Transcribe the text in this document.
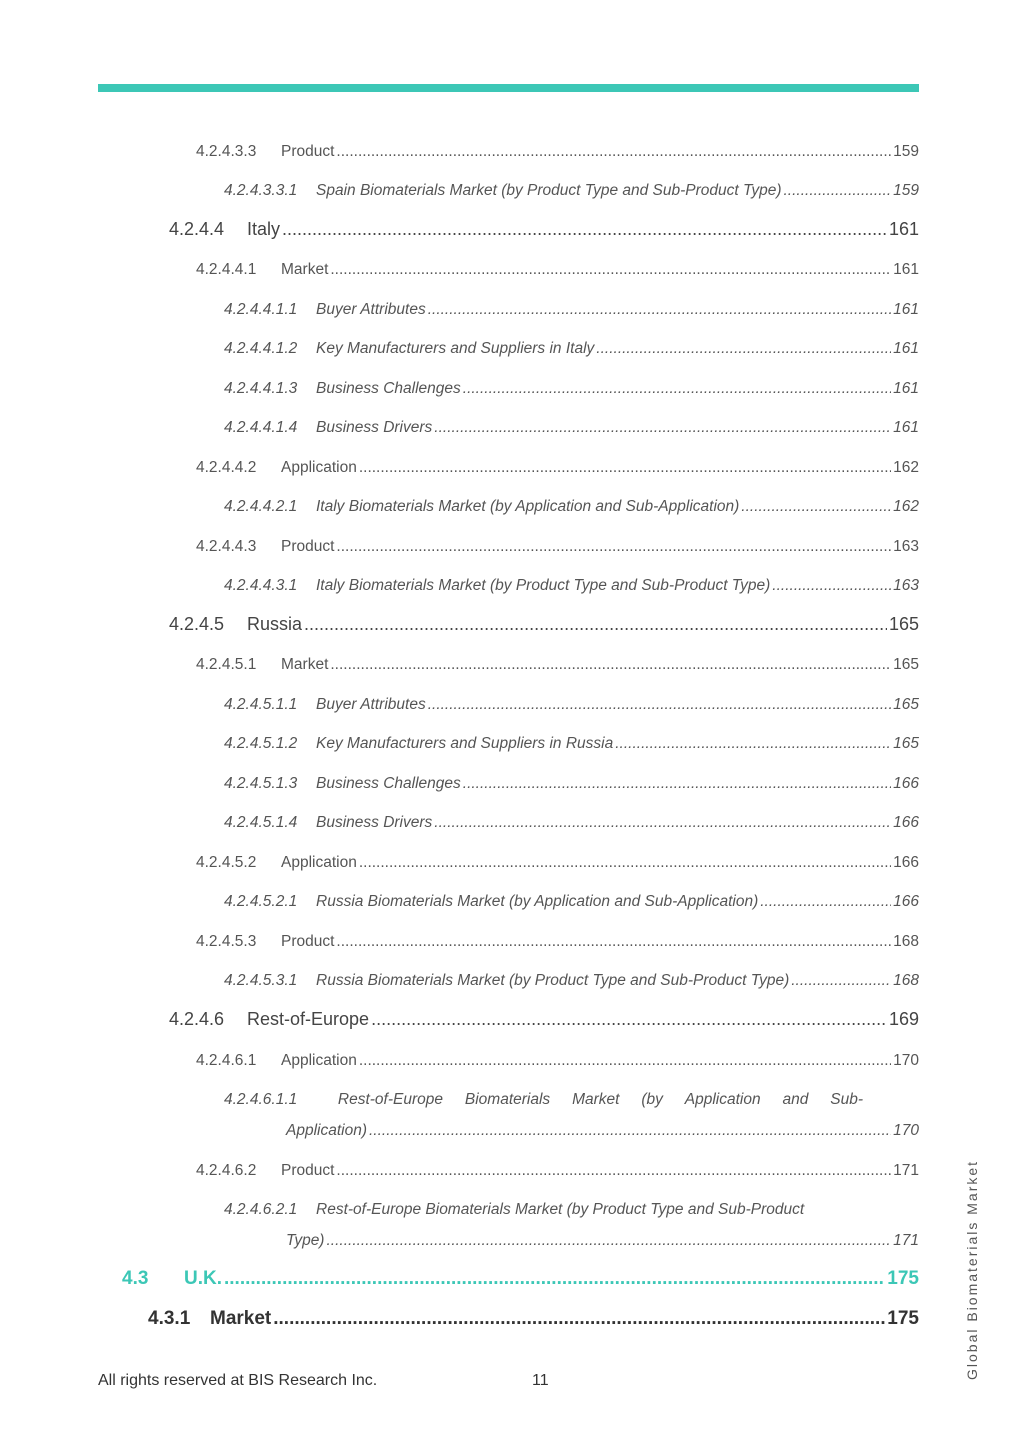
4.2.4.3.3	Product .....	159
4.2.4.3.3.1	Spain Biomaterials Market (by Product Type and Sub-Product Type) .....	159
4.2.4.4	Italy .....	161
4.2.4.4.1	Market .....	161
4.2.4.4.1.1	Buyer Attributes .....	161
4.2.4.4.1.2	Key Manufacturers and Suppliers in Italy .....	161
4.2.4.4.1.3	Business Challenges .....	161
4.2.4.4.1.4	Business Drivers .....	161
4.2.4.4.2	Application .....	162
4.2.4.4.2.1	Italy Biomaterials Market (by Application and Sub-Application) .....	162
4.2.4.4.3	Product .....	163
4.2.4.4.3.1	Italy Biomaterials Market (by Product Type and Sub-Product Type) .....	163
4.2.4.5	Russia .....	165
4.2.4.5.1	Market .....	165
4.2.4.5.1.1	Buyer Attributes .....	165
4.2.4.5.1.2	Key Manufacturers and Suppliers in Russia .....	165
4.2.4.5.1.3	Business Challenges .....	166
4.2.4.5.1.4	Business Drivers .....	166
4.2.4.5.2	Application .....	166
4.2.4.5.2.1	Russia Biomaterials Market (by Application and Sub-Application) .....	166
4.2.4.5.3	Product .....	168
4.2.4.5.3.1	Russia Biomaterials Market (by Product Type and Sub-Product Type) .....	168
4.2.4.6	Rest-of-Europe .....	169
4.2.4.6.1	Application .....	170
4.2.4.6.1.1	Rest-of-Europe Biomaterials Market (by Application and Sub-
Application) .....	170
4.2.4.6.2	Product .....	171
4.2.4.6.2.1	Rest-of-Europe Biomaterials Market (by Product Type and Sub-Product
Type) .....	171
4.3	U.K. .....	175
4.3.1	Market .....	175	Global Biomaterials Market
All rights reserved at BIS Research Inc.	11
